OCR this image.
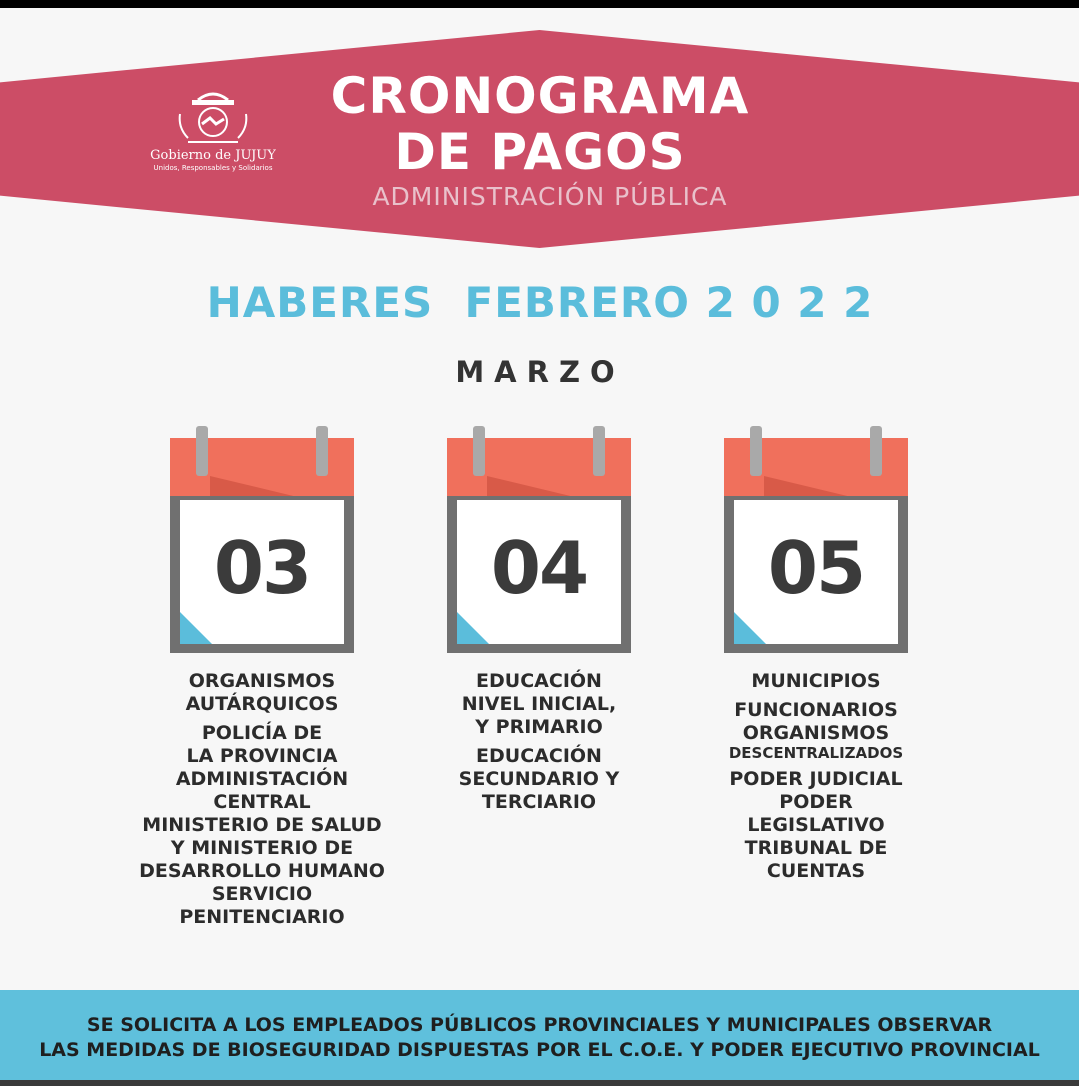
Gobierno de JUJUY
Unidos, Responsables y Solidarios
CRONOGRAMA
DE PAGOS
ADMINISTRACIÓN PÚBLICA
HABERES  FEBRERO 2 0 2 2
MARZO
03	04	05
ORGANISMOS
AUTÁRQUICOS
POLICÍA DE
LA PROVINCIA
ADMINISTACIÓN
CENTRAL
MINISTERIO DE SALUD
Y MINISTERIO DE
DESARROLLO HUMANO
SERVICIO
PENITENCIARIO
EDUCACIÓN
NIVEL INICIAL,
Y PRIMARIO
EDUCACIÓN
SECUNDARIO Y
TERCIARIO
MUNICIPIOS
FUNCIONARIOS
ORGANISMOS
DESCENTRALIZADOS
PODER JUDICIAL
PODER
LEGISLATIVO
TRIBUNAL DE
CUENTAS
SE SOLICITA A LOS EMPLEADOS PÚBLICOS PROVINCIALES Y MUNICIPALES OBSERVAR
LAS MEDIDAS DE BIOSEGURIDAD DISPUESTAS POR EL C.O.E. Y PODER EJECUTIVO PROVINCIAL
